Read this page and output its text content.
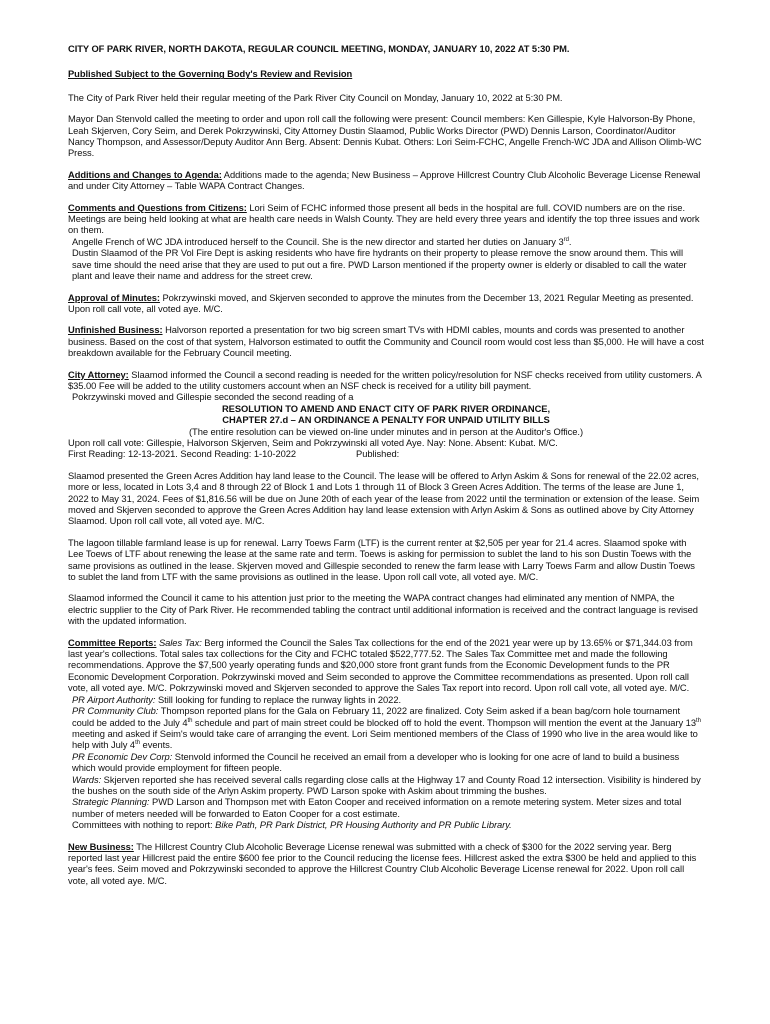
CITY OF PARK RIVER, NORTH DAKOTA, REGULAR COUNCIL MEETING, MONDAY, JANUARY 10, 2022 AT 5:30 PM.

Published Subject to the Governing Body's Review and Revision

The City of Park River held their regular meeting of the Park River City Council on Monday, January 10, 2022 at 5:30 PM.

Mayor Dan Stenvold called the meeting to order and upon roll call the following were present: Council members: Ken Gillespie, Kyle Halvorson-By Phone, Leah Skjerven, Cory Seim, and Derek Pokrzywinski, City Attorney Dustin Slaamod, Public Works Director (PWD) Dennis Larson, Coordinator/Auditor Nancy Thompson, and Assessor/Deputy Auditor Ann Berg. Absent: Dennis Kubat. Others: Lori Seim-FCHC, Angelle French-WC JDA and Allison Olimb-WC Press.

Additions and Changes to Agenda: Additions made to the agenda; New Business – Approve Hillcrest Country Club Alcoholic Beverage License Renewal and under City Attorney – Table WAPA Contract Changes.

Comments and Questions from Citizens: Lori Seim of FCHC informed those present all beds in the hospital are full. COVID numbers are on the rise. Meetings are being held looking at what are health care needs in Walsh County. They are held every three years and identify the top three issues and work on them.
Angelle French of WC JDA introduced herself to the Council. She is the new director and started her duties on January 3rd.
Dustin Slaamod of the PR Vol Fire Dept is asking residents who have fire hydrants on their property to please remove the snow around them. This will save time should the need arise that they are used to put out a fire. PWD Larson mentioned if the property owner is elderly or disabled to call the water plant and leave their name and address for the street crew.

Approval of Minutes: Pokrzywinski moved, and Skjerven seconded to approve the minutes from the December 13, 2021 Regular Meeting as presented. Upon roll call vote, all voted aye. M/C.

Unfinished Business: Halvorson reported a presentation for two big screen smart TVs with HDMI cables, mounts and cords was presented to another business. Based on the cost of that system, Halvorson estimated to outfit the Community and Council room would cost less than $5,000. He will have a cost breakdown available for the February Council meeting.

City Attorney: Slaamod informed the Council a second reading is needed for the written policy/resolution for NSF checks received from utility customers. A $35.00 Fee will be added to the utility customers account when an NSF check is received for a utility bill payment.
Pokrzywinski moved and Gillespie seconded the second reading of a
RESOLUTION TO AMEND AND ENACT CITY OF PARK RIVER ORDINANCE,
CHAPTER 27.d – AN ORDINANCE A PENALTY FOR UNPAID UTILITY BILLS
(The entire resolution can be viewed on-line under minutes and in person at the Auditor's Office.)
Upon roll call vote: Gillespie, Halvorson Skjerven, Seim and Pokrzywinski all voted Aye. Nay: None. Absent: Kubat. M/C.
First Reading: 12-13-2021. Second Reading: 1-10-2022	Published:

Slaamod presented the Green Acres Addition hay land lease to the Council. The lease will be offered to Arlyn Askim & Sons for renewal of the 22.02 acres, more or less, located in Lots 3,4 and 8 through 22 of Block 1 and Lots 1 through 11 of Block 3 Green Acres Addition. The terms of the lease are June 1, 2022 to May 31, 2024. Fees of $1,816.56 will be due on June 20th of each year of the lease from 2022 until the termination or extension of the lease. Seim moved and Skjerven seconded to approve the Green Acres Addition hay land lease extension with Arlyn Askim & Sons as outlined above by City Attorney Slaamod. Upon roll call vote, all voted aye. M/C.

The lagoon tillable farmland lease is up for renewal. Larry Toews Farm (LTF) is the current renter at $2,505 per year for 21.4 acres. Slaamod spoke with Lee Toews of LTF about renewing the lease at the same rate and term. Toews is asking for permission to sublet the land to his son Dustin Toews with the same provisions as outlined in the lease. Skjerven moved and Gillespie seconded to renew the farm lease with Larry Toews Farm and allow Dustin Toews to sublet the land from LTF with the same provisions as outlined in the lease. Upon roll call vote, all voted aye. M/C.

Slaamod informed the Council it came to his attention just prior to the meeting the WAPA contract changes had eliminated any mention of NMPA, the electric supplier to the City of Park River. He recommended tabling the contract until additional information is received and the contract language is revised with the updated information.

Committee Reports: Sales Tax: Berg informed the Council the Sales Tax collections for the end of the 2021 year were up by 13.65% or $71,344.03 from last year's collections. Total sales tax collections for the City and FCHC totaled $522,777.52. The Sales Tax Committee met and made the following recommendations. Approve the $7,500 yearly operating funds and $20,000 store front grant funds from the Economic Development funds to the PR Economic Development Corporation. Pokrzywinski moved and Seim seconded to approve the Committee recommendations as presented. Upon roll call vote, all voted aye. M/C. Pokrzywinski moved and Skjerven seconded to approve the Sales Tax report into record. Upon roll call vote, all voted aye. M/C.
PR Airport Authority: Still looking for funding to replace the runway lights in 2022.
PR Community Club: Thompson reported plans for the Gala on February 11, 2022 are finalized. Coty Seim asked if a bean bag/corn hole tournament could be added to the July 4th schedule and part of main street could be blocked off to hold the event. Thompson will mention the event at the January 13th meeting and asked if Seim's would take care of arranging the event. Lori Seim mentioned members of the Class of 1990 who live in the area would like to help with July 4th events.
PR Economic Dev Corp: Stenvold informed the Council he received an email from a developer who is looking for one acre of land to build a business which would provide employment for fifteen people.
Wards: Skjerven reported she has received several calls regarding close calls at the Highway 17 and County Road 12 intersection. Visibility is hindered by the bushes on the south side of the Arlyn Askim property. PWD Larson spoke with Askim about trimming the bushes.
Strategic Planning: PWD Larson and Thompson met with Eaton Cooper and received information on a remote metering system. Meter sizes and total number of meters needed will be forwarded to Eaton Cooper for a cost estimate.
Committees with nothing to report: Bike Path, PR Park District, PR Housing Authority and PR Public Library.

New Business: The Hillcrest Country Club Alcoholic Beverage License renewal was submitted with a check of $300 for the 2022 serving year. Berg reported last year Hillcrest paid the entire $600 fee prior to the Council reducing the license fees. Hillcrest asked the extra $300 be held and applied to this year's fees. Seim moved and Pokrzywinski seconded to approve the Hillcrest Country Club Alcoholic Beverage License renewal for 2022. Upon roll call vote, all voted aye. M/C.
